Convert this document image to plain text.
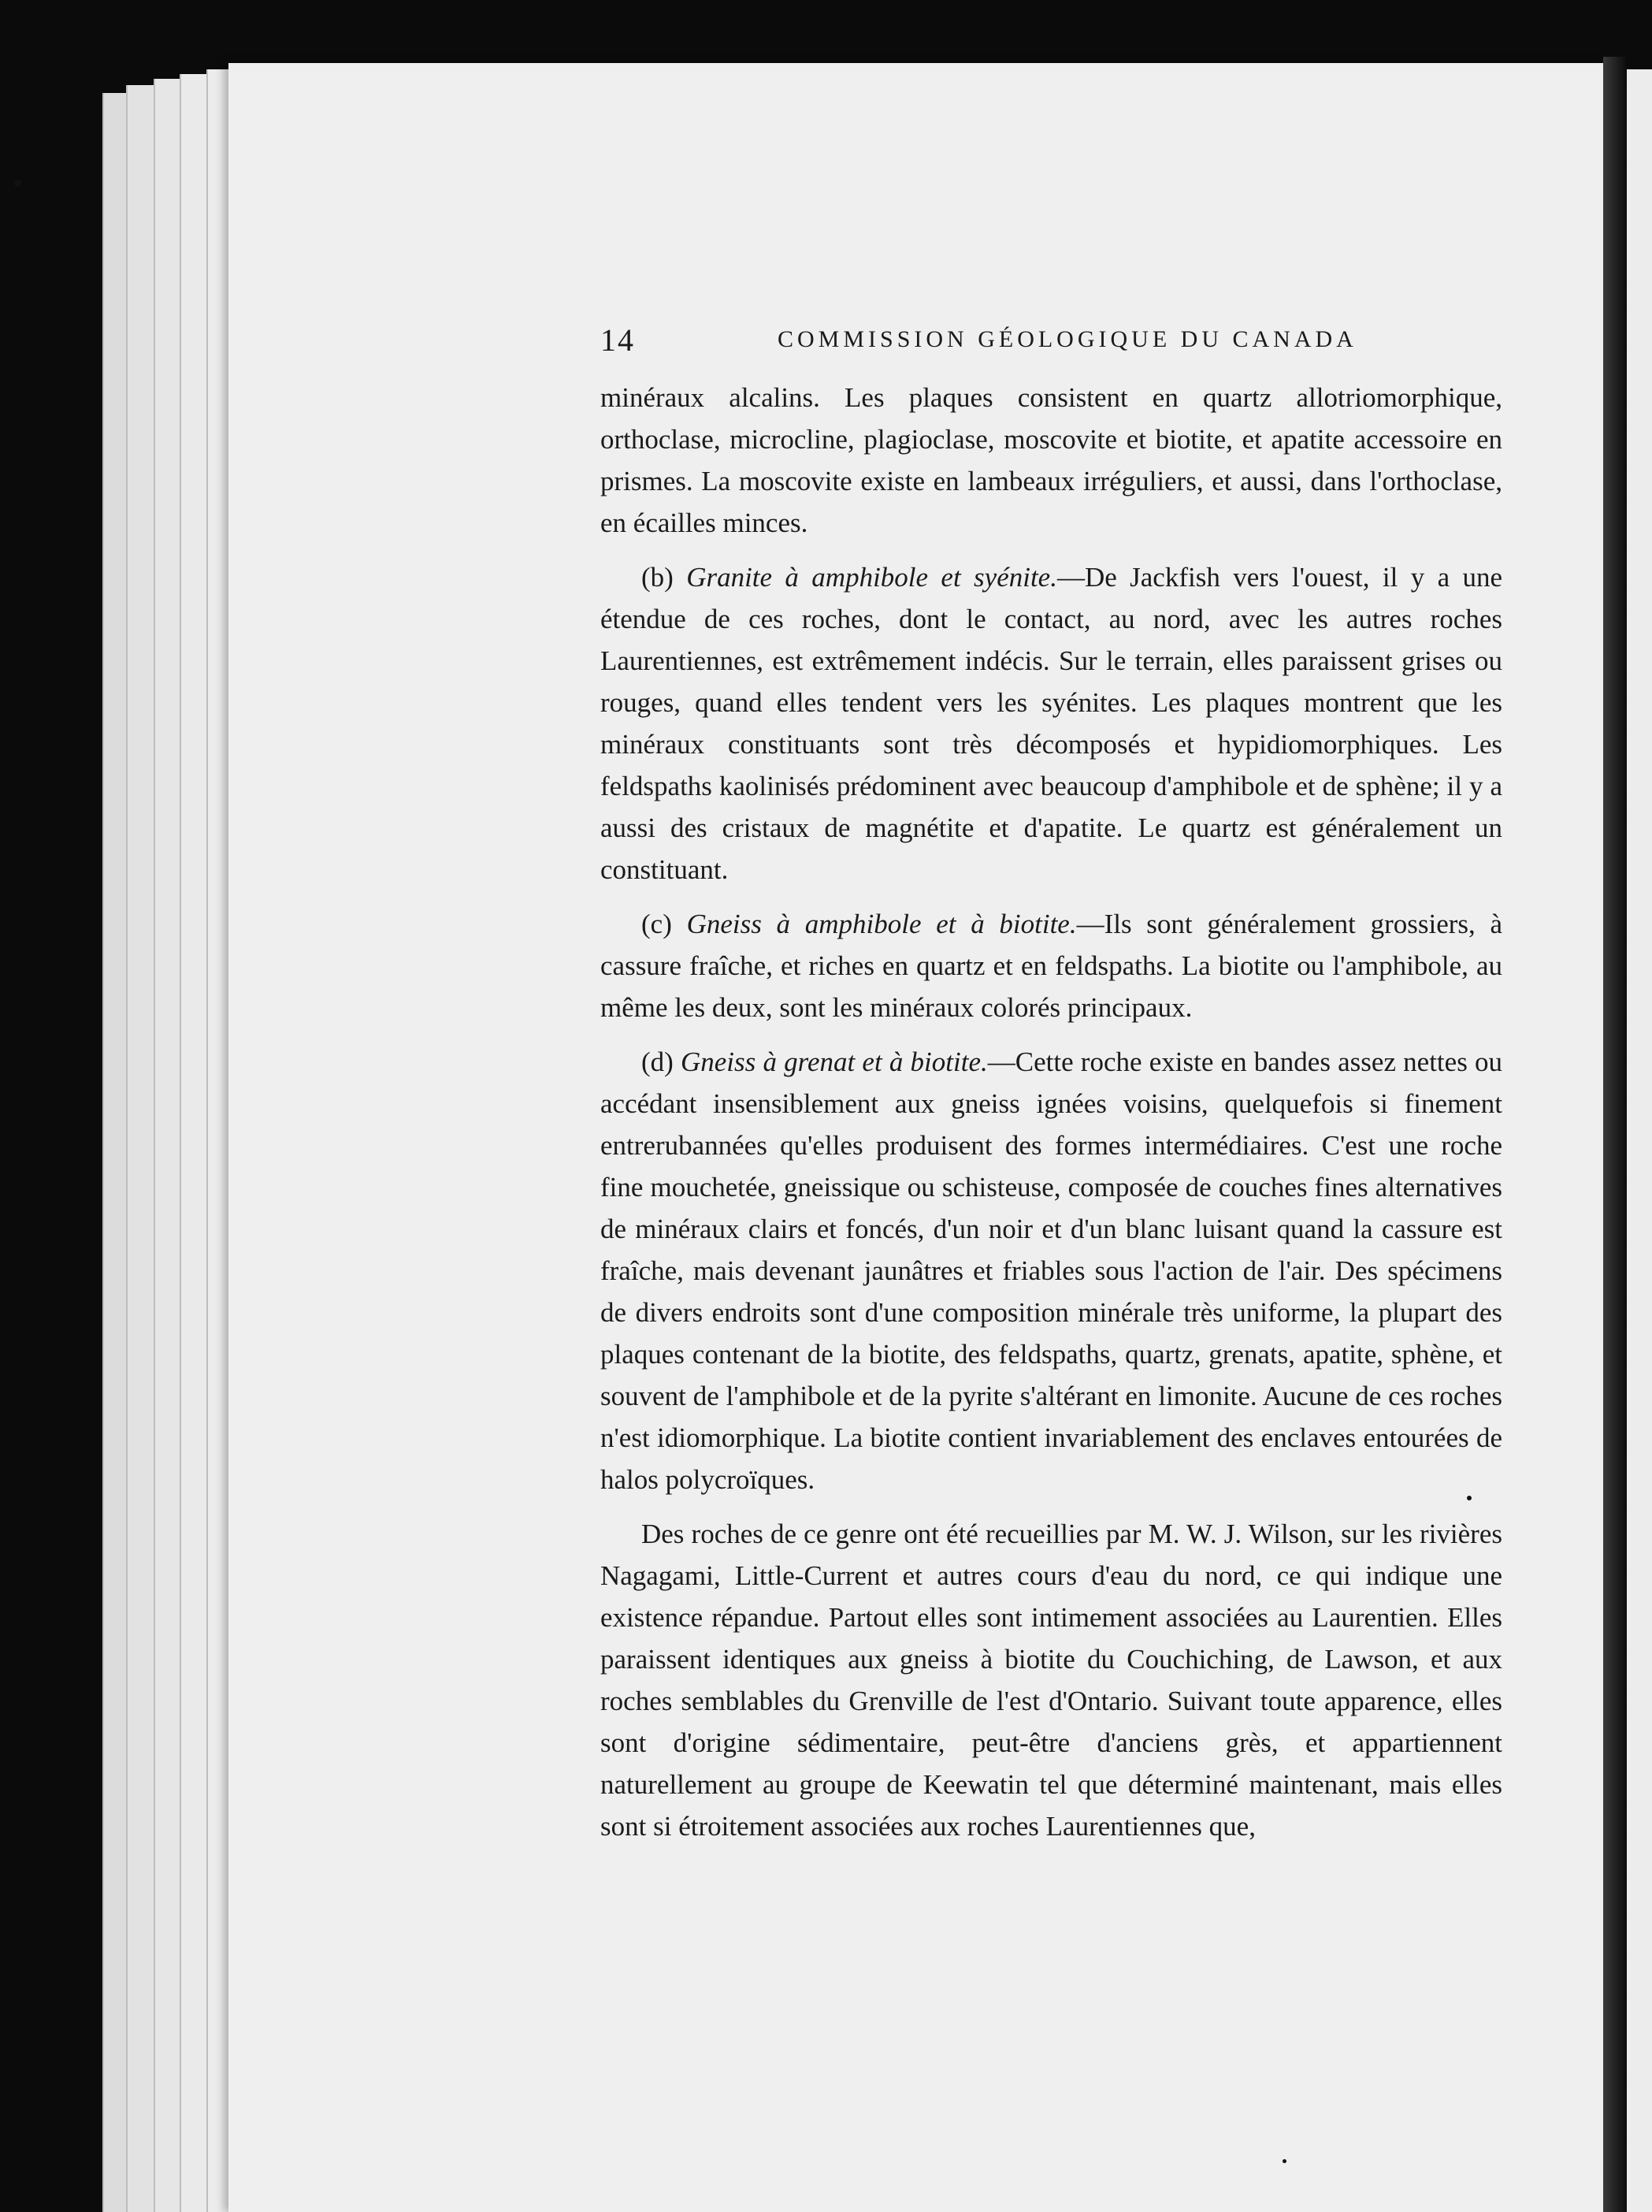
14	COMMISSION GÉOLOGIQUE DU CANADA

minéraux alcalins. Les plaques consistent en quartz allotriomorphique, orthoclase, microcline, plagioclase, moscovite et biotite, et apatite accessoire en prismes. La moscovite existe en lambeaux irréguliers, et aussi, dans l'orthoclase, en écailles minces.

(b) Granite à amphibole et syénite.—De Jackfish vers l'ouest, il y a une étendue de ces roches, dont le contact, au nord, avec les autres roches Laurentiennes, est extrêmement indécis. Sur le terrain, elles paraissent grises ou rouges, quand elles tendent vers les syénites. Les plaques montrent que les minéraux constituants sont très décomposés et hypidiomorphiques. Les feldspaths kaolinisés prédominent avec beaucoup d'amphibole et de sphène; il y a aussi des cristaux de magnétite et d'apatite. Le quartz est généralement un constituant.

(c) Gneiss à amphibole et à biotite.—Ils sont généralement grossiers, à cassure fraîche, et riches en quartz et en feldspaths. La biotite ou l'amphibole, au même les deux, sont les minéraux colorés principaux.

(d) Gneiss à grenat et à biotite.—Cette roche existe en bandes assez nettes ou accédant insensiblement aux gneiss ignées voisins, quelquefois si finement entrerubannées qu'elles produisent des formes intermédiaires. C'est une roche fine mouchetée, gneissique ou schisteuse, composée de couches fines alternatives de minéraux clairs et foncés, d'un noir et d'un blanc luisant quand la cassure est fraîche, mais devenant jaunâtres et friables sous l'action de l'air. Des spécimens de divers endroits sont d'une composition minérale très uniforme, la plupart des plaques contenant de la biotite, des feldspaths, quartz, grenats, apatite, sphène, et souvent de l'amphibole et de la pyrite s'altérant en limonite. Aucune de ces roches n'est idiomorphique. La biotite contient invariablement des enclaves entourées de halos polycroïques.

Des roches de ce genre ont été recueillies par M. W. J. Wilson, sur les rivières Nagagami, Little-Current et autres cours d'eau du nord, ce qui indique une existence répandue. Partout elles sont intimement associées au Laurentien. Elles paraissent identiques aux gneiss à biotite du Couchiching, de Lawson, et aux roches semblables du Grenville de l'est d'Ontario. Suivant toute apparence, elles sont d'origine sédimentaire, peut-être d'anciens grès, et appartiennent naturellement au groupe de Keewatin tel que déterminé maintenant, mais elles sont si étroitement associées aux roches Laurentiennes que,
